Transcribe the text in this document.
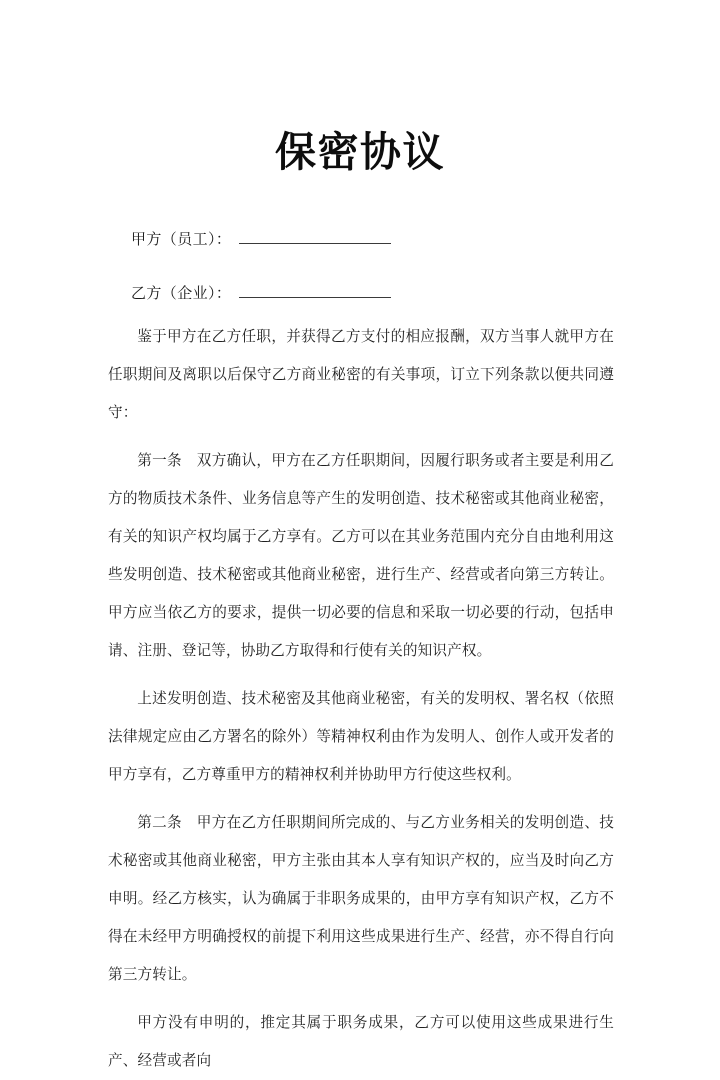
保密协议
甲方（员工）：
乙方（企业）：

鉴于甲方在乙方任职，并获得乙方支付的相应报酬，双方当事人就甲方在任职期间及离职以后保守乙方商业秘密的有关事项，订立下列条款以便共同遵守：

第一条　双方确认，甲方在乙方任职期间，因履行职务或者主要是利用乙方的物质技术条件、业务信息等产生的发明创造、技术秘密或其他商业秘密，有关的知识产权均属于乙方享有。乙方可以在其业务范围内充分自由地利用这些发明创造、技术秘密或其他商业秘密，进行生产、经营或者向第三方转让。甲方应当依乙方的要求，提供一切必要的信息和采取一切必要的行动，包括申请、注册、登记等，协助乙方取得和行使有关的知识产权。

上述发明创造、技术秘密及其他商业秘密，有关的发明权、署名权（依照法律规定应由乙方署名的除外）等精神权利由作为发明人、创作人或开发者的甲方享有，乙方尊重甲方的精神权利并协助甲方行使这些权利。

第二条　甲方在乙方任职期间所完成的、与乙方业务相关的发明创造、技术秘密或其他商业秘密，甲方主张由其本人享有知识产权的，应当及时向乙方申明。经乙方核实，认为确属于非职务成果的，由甲方享有知识产权，乙方不得在未经甲方明确授权的前提下利用这些成果进行生产、经营，亦不得自行向第三方转让。

甲方没有申明的，推定其属于职务成果，乙方可以使用这些成果进行生产、经营或者向
